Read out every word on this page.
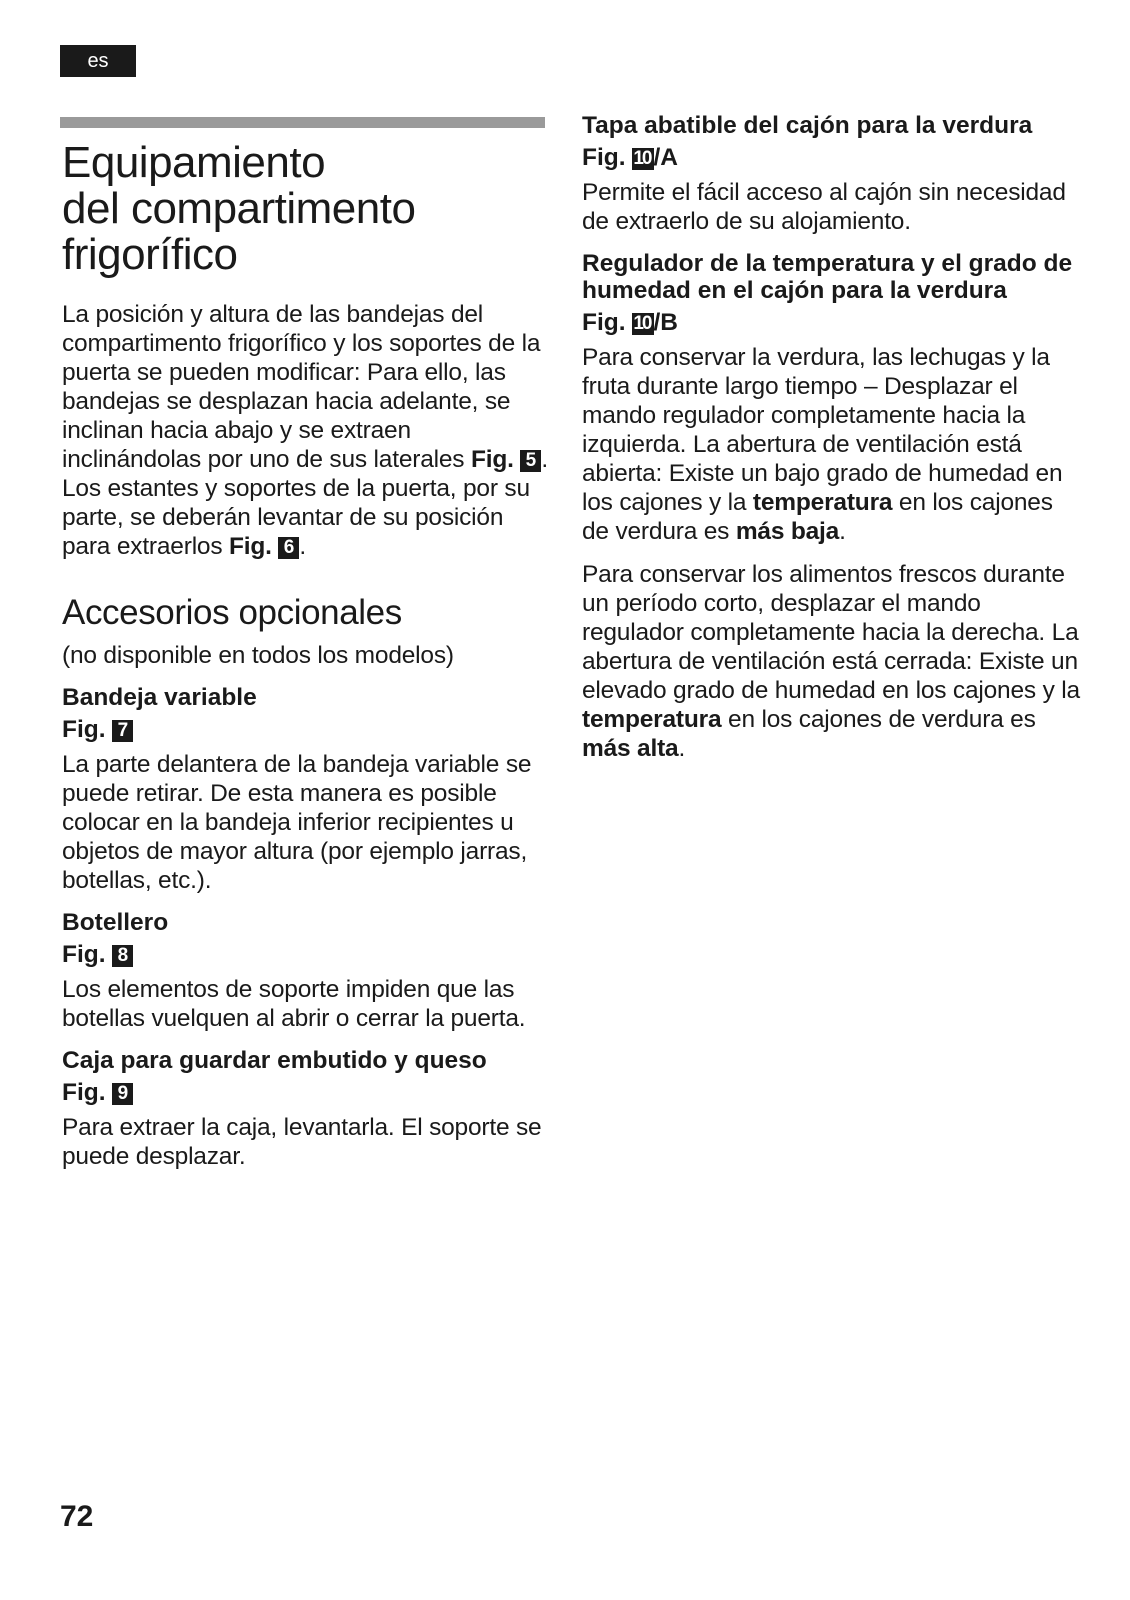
es
Equipamiento
del compartimento
frigorífico

La posición y altura de las bandejas del compartimento frigorífico y los soportes de la puerta se pueden modificar: Para ello, las bandejas se desplazan hacia adelante, se inclinan hacia abajo y se extraen inclinándolas por uno de sus laterales Fig. 5 . Los estantes y soportes de la puerta, por su parte, se deberán levantar de su posición para extraerlos Fig. 6 .

Accesorios opcionales

(no disponible en todos los modelos)

Bandeja variable
Fig. 7

La parte delantera de la bandeja variable se puede retirar. De esta manera es posible colocar en la bandeja inferior recipientes u objetos de mayor altura (por ejemplo jarras, botellas, etc.).

Botellero
Fig. 8

Los elementos de soporte impiden que las botellas vuelquen al abrir o cerrar la puerta.

Caja para guardar embutido y queso
Fig. 9

Para extraer la caja, levantarla. El soporte se puede desplazar.

Tapa abatible del cajón para la verdura
Fig. 10 /A

Permite el fácil acceso al cajón sin necesidad de extraerlo de su alojamiento.

Regulador de la temperatura y el grado de humedad en el cajón para la verdura
Fig. 10 /B

Para conservar la verdura, las lechugas y la fruta durante largo tiempo – Desplazar el mando regulador completamente hacia la izquierda. La abertura de ventilación está abierta: Existe un bajo grado de humedad en los cajones y la temperatura en los cajones de verdura es más baja.

Para conservar los alimentos frescos durante un período corto, desplazar el mando regulador completamente hacia la derecha. La abertura de ventilación está cerrada: Existe un elevado grado de humedad en los cajones y la temperatura en los cajones de verdura es más alta.

72
